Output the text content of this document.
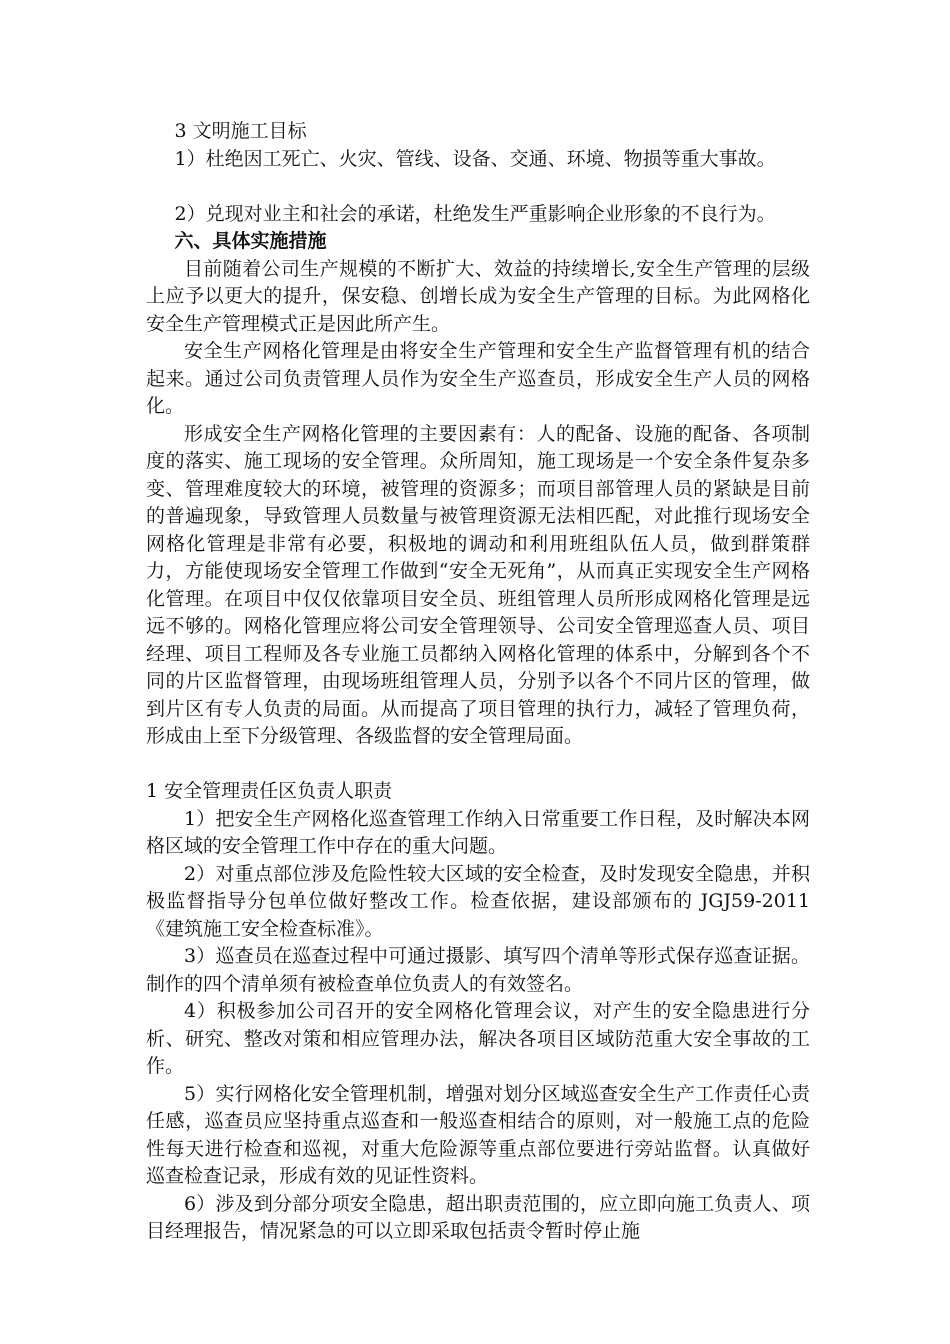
3 文明施工目标

1）杜绝因工死亡、火灾、管线、设备、交通、环境、物损等重大事故。

2）兑现对业主和社会的承诺，杜绝发生严重影响企业形象的不良行为。

六、具体实施措施

目前随着公司生产规模的不断扩大、效益的持续增长,安全生产管理的层级上应予以更大的提升，保安稳、创增长成为安全生产管理的目标。为此网格化安全生产管理模式正是因此所产生。

安全生产网格化管理是由将安全生产管理和安全生产监督管理有机的结合起来。通过公司负责管理人员作为安全生产巡查员，形成安全生产人员的网格化。

形成安全生产网格化管理的主要因素有：人的配备、设施的配备、各项制度的落实、施工现场的安全管理。众所周知，施工现场是一个安全条件复杂多变、管理难度较大的环境，被管理的资源多；而项目部管理人员的紧缺是目前的普遍现象，导致管理人员数量与被管理资源无法相匹配，对此推行现场安全网格化管理是非常有必要，积极地的调动和利用班组队伍人员，做到群策群力，方能使现场安全管理工作做到“安全无死角”，从而真正实现安全生产网格化管理。在项目中仅仅依靠项目安全员、班组管理人员所形成网格化管理是远远不够的。网格化管理应将公司安全管理领导、公司安全管理巡查人员、项目经理、项目工程师及各专业施工员都纳入网格化管理的体系中，分解到各个不同的片区监督管理，由现场班组管理人员，分别予以各个不同片区的管理，做到片区有专人负责的局面。从而提高了项目管理的执行力，减轻了管理负荷，形成由上至下分级管理、各级监督的安全管理局面。

1 安全管理责任区负责人职责

1）把安全生产网格化巡查管理工作纳入日常重要工作日程，及时解决本网格区域的安全管理工作中存在的重大问题。

2）对重点部位涉及危险性较大区域的安全检查，及时发现安全隐患，并积极监督指导分包单位做好整改工作。检查依据，建设部颁布的 JGJ59-2011《建筑施工安全检查标准》。

3）巡查员在巡查过程中可通过摄影、填写四个清单等形式保存巡查证据。制作的四个清单须有被检查单位负责人的有效签名。

4）积极参加公司召开的安全网格化管理会议，对产生的安全隐患进行分析、研究、整改对策和相应管理办法，解决各项目区域防范重大安全事故的工作。

5）实行网格化安全管理机制，增强对划分区域巡查安全生产工作责任心责任感，巡查员应坚持重点巡查和一般巡查相结合的原则，对一般施工点的危险性每天进行检查和巡视，对重大危险源等重点部位要进行旁站监督。认真做好巡查检查记录，形成有效的见证性资料。

6）涉及到分部分项安全隐患，超出职责范围的，应立即向施工负责人、项目经理报告，情况紧急的可以立即采取包括责令暂时停止施
